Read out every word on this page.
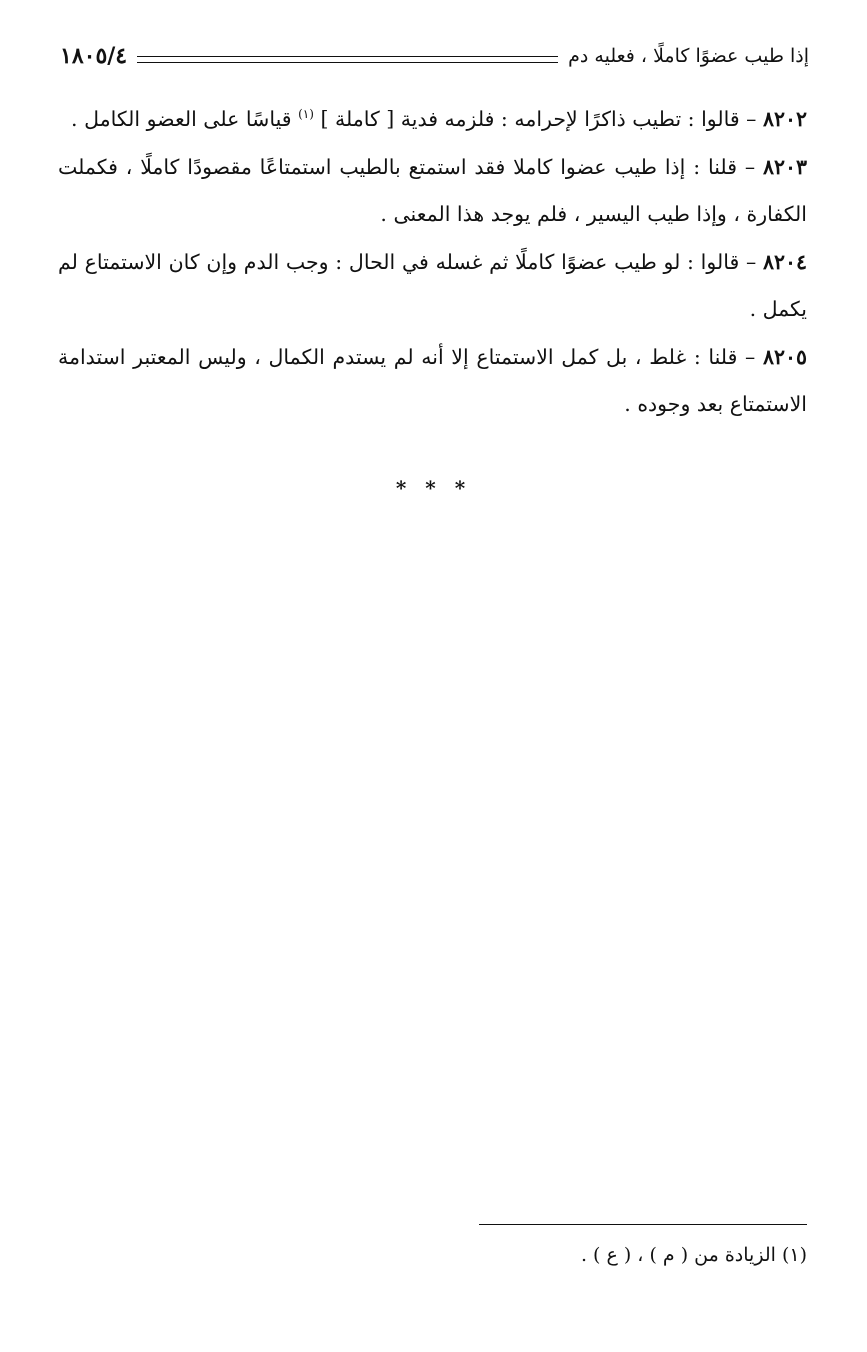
إذا طيب عضوًا كاملًا ، فعليه دم
١٨٠٥/٤

٨٢٠٢ – قالوا : تطيب ذاكرًا لإحرامه : فلزمه فدية [ كاملة ] $^{(١)}$ قياسًا على العضو الكامل .

٨٢٠٣ – قلنا : إذا طيب عضوا كاملا فقد استمتع بالطيب استمتاعًا مقصودًا كاملًا ، فكملت الكفارة ، وإذا طيب اليسير ، فلم يوجد هذا المعنى .

٨٢٠٤ – قالوا : لو طيب عضوًا كاملًا ثم غسله في الحال : وجب الدم وإن كان الاستمتاع لم يكمل .

٨٢٠٥ – قلنا : غلط ، بل كمل الاستمتاع إلا أنه لم يستدم الكمال ، وليس المعتبر استدامة الاستمتاع بعد وجوده .

* * *
(١) الزيادة من ( م ) ، ( ع ) .
